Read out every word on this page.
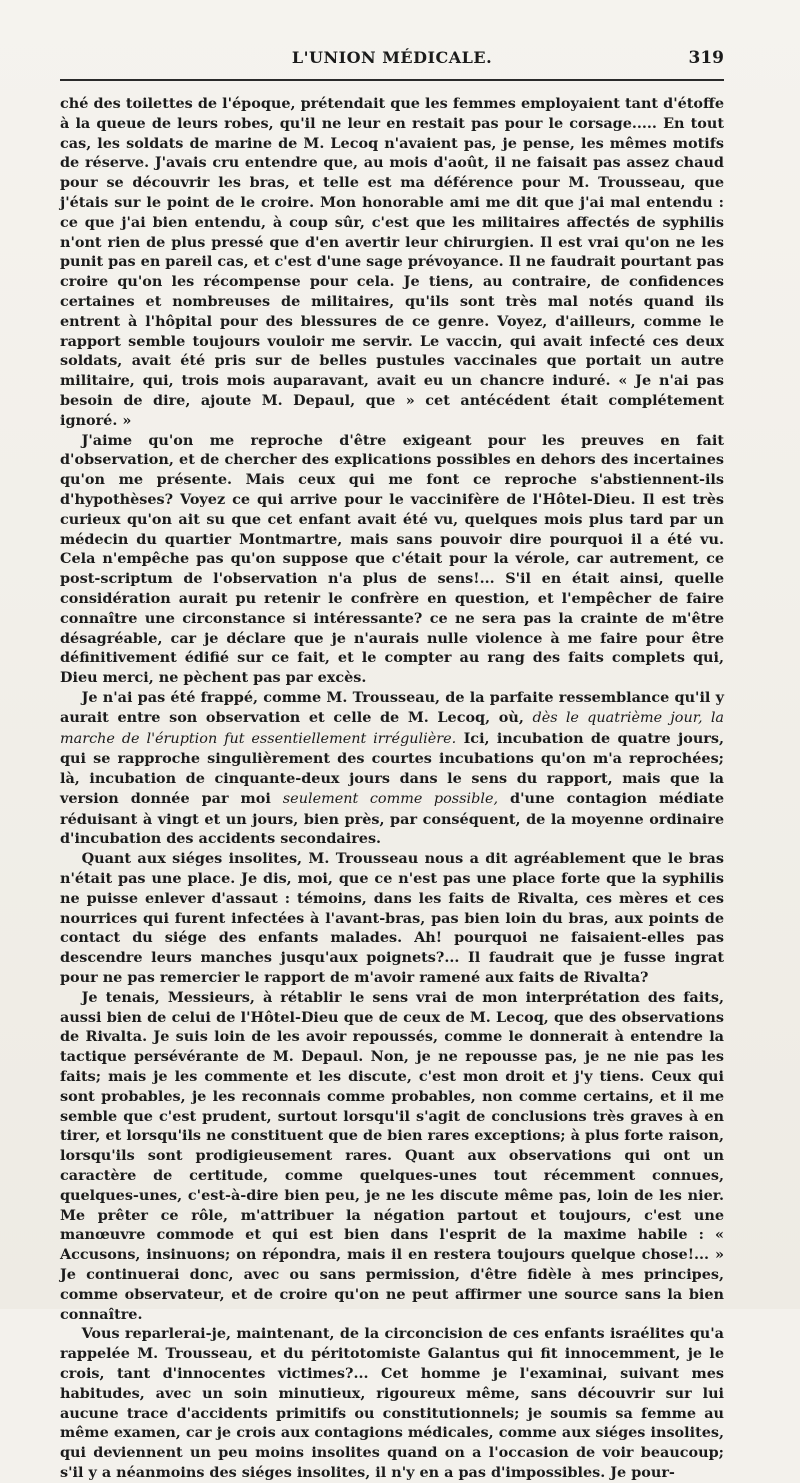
L'UNION MÉDICALE.	319

ché des toilettes de l'époque, prétendait que les femmes employaient tant d'étoffe à la queue de leurs robes, qu'il ne leur en restait pas pour le corsage..... En tout cas, les soldats de marine de M. Lecoq n'avaient pas, je pense, les mêmes motifs de réserve. J'avais cru entendre que, au mois d'août, il ne faisait pas assez chaud pour se découvrir les bras, et telle est ma déférence pour M. Trousseau, que j'étais sur le point de le croire. Mon honorable ami me dit que j'ai mal entendu : ce que j'ai bien entendu, à coup sûr, c'est que les militaires affectés de syphilis n'ont rien de plus pressé que d'en avertir leur chirurgien. Il est vrai qu'on ne les punit pas en pareil cas, et c'est d'une sage prévoyance. Il ne faudrait pourtant pas croire qu'on les récompense pour cela. Je tiens, au contraire, de confidences certaines et nombreuses de militaires, qu'ils sont très mal notés quand ils entrent à l'hôpital pour des blessures de ce genre. Voyez, d'ailleurs, comme le rapport semble toujours vouloir me servir. Le vaccin, qui avait infecté ces deux soldats, avait été pris sur de belles pustules vaccinales que portait un autre militaire, qui, trois mois auparavant, avait eu un chancre induré. « Je n'ai pas besoin de dire, ajoute M. Depaul, que » cet antécédent était complétement ignoré. »

J'aime qu'on me reproche d'être exigeant pour les preuves en fait d'observation, et de chercher des explications possibles en dehors des incertaines qu'on me présente. Mais ceux qui me font ce reproche s'abstiennent-ils d'hypothèses? Voyez ce qui arrive pour le vaccinifère de l'Hôtel-Dieu. Il est très curieux qu'on ait su que cet enfant avait été vu, quelques mois plus tard par un médecin du quartier Montmartre, mais sans pouvoir dire pourquoi il a été vu. Cela n'empêche pas qu'on suppose que c'était pour la vérole, car autrement, ce post-scriptum de l'observation n'a plus de sens!... S'il en était ainsi, quelle considération aurait pu retenir le confrère en question, et l'empêcher de faire connaître une circonstance si intéressante? ce ne sera pas la crainte de m'être désagréable, car je déclare que je n'aurais nulle violence à me faire pour être définitivement édifié sur ce fait, et le compter au rang des faits complets qui, Dieu merci, ne pèchent pas par excès.

Je n'ai pas été frappé, comme M. Trousseau, de la parfaite ressemblance qu'il y aurait entre son observation et celle de M. Lecoq, où, dès le quatrième jour, la marche de l'éruption fut essentiellement irrégulière. Ici, incubation de quatre jours, qui se rapproche singulièrement des courtes incubations qu'on m'a reprochées; là, incubation de cinquante-deux jours dans le sens du rapport, mais que la version donnée par moi seulement comme possible, d'une contagion médiate réduisant à vingt et un jours, bien près, par conséquent, de la moyenne ordinaire d'incubation des accidents secondaires.

Quant aux siéges insolites, M. Trousseau nous a dit agréablement que le bras n'était pas une place. Je dis, moi, que ce n'est pas une place forte que la syphilis ne puisse enlever d'assaut : témoins, dans les faits de Rivalta, ces mères et ces nourrices qui furent infectées à l'avant-bras, pas bien loin du bras, aux points de contact du siége des enfants malades. Ah! pourquoi ne faisaient-elles pas descendre leurs manches jusqu'aux poignets?... Il faudrait que je fusse ingrat pour ne pas remercier le rapport de m'avoir ramené aux faits de Rivalta?

Je tenais, Messieurs, à rétablir le sens vrai de mon interprétation des faits, aussi bien de celui de l'Hôtel-Dieu que de ceux de M. Lecoq, que des observations de Rivalta. Je suis loin de les avoir repoussés, comme le donnerait à entendre la tactique persévérante de M. Depaul. Non, je ne repousse pas, je ne nie pas les faits; mais je les commente et les discute, c'est mon droit et j'y tiens. Ceux qui sont probables, je les reconnais comme probables, non comme certains, et il me semble que c'est prudent, surtout lorsqu'il s'agit de conclusions très graves à en tirer, et lorsqu'ils ne constituent que de bien rares exceptions; à plus forte raison, lorsqu'ils sont prodigieusement rares. Quant aux observations qui ont un caractère de certitude, comme quelques-unes tout récemment connues, quelques-unes, c'est-à-dire bien peu, je ne les discute même pas, loin de les nier. Me prêter ce rôle, m'attribuer la négation partout et toujours, c'est une manœuvre commode et qui est bien dans l'esprit de la maxime habile : « Accusons, insinuons; on répondra, mais il en restera toujours quelque chose!... » Je continuerai donc, avec ou sans permission, d'être fidèle à mes principes, comme observateur, et de croire qu'on ne peut affirmer une source sans la bien connaître.

Vous reparlerai-je, maintenant, de la circoncision de ces enfants israélites qu'a rappelée M. Trousseau, et du péritotomiste Galantus qui fit innocemment, je le crois, tant d'innocentes victimes?... Cet homme je l'examinai, suivant mes habitudes, avec un soin minutieux, rigoureux même, sans découvrir sur lui aucune trace d'accidents primitifs ou constitutionnels; je soumis sa femme au même examen, car je crois aux contagions médicales, comme aux siéges insolites, qui deviennent un peu moins insolites quand on a l'occasion de voir beaucoup; s'il y a néanmoins des siéges insolites, il n'y en a pas d'impossibles. Je pour-
